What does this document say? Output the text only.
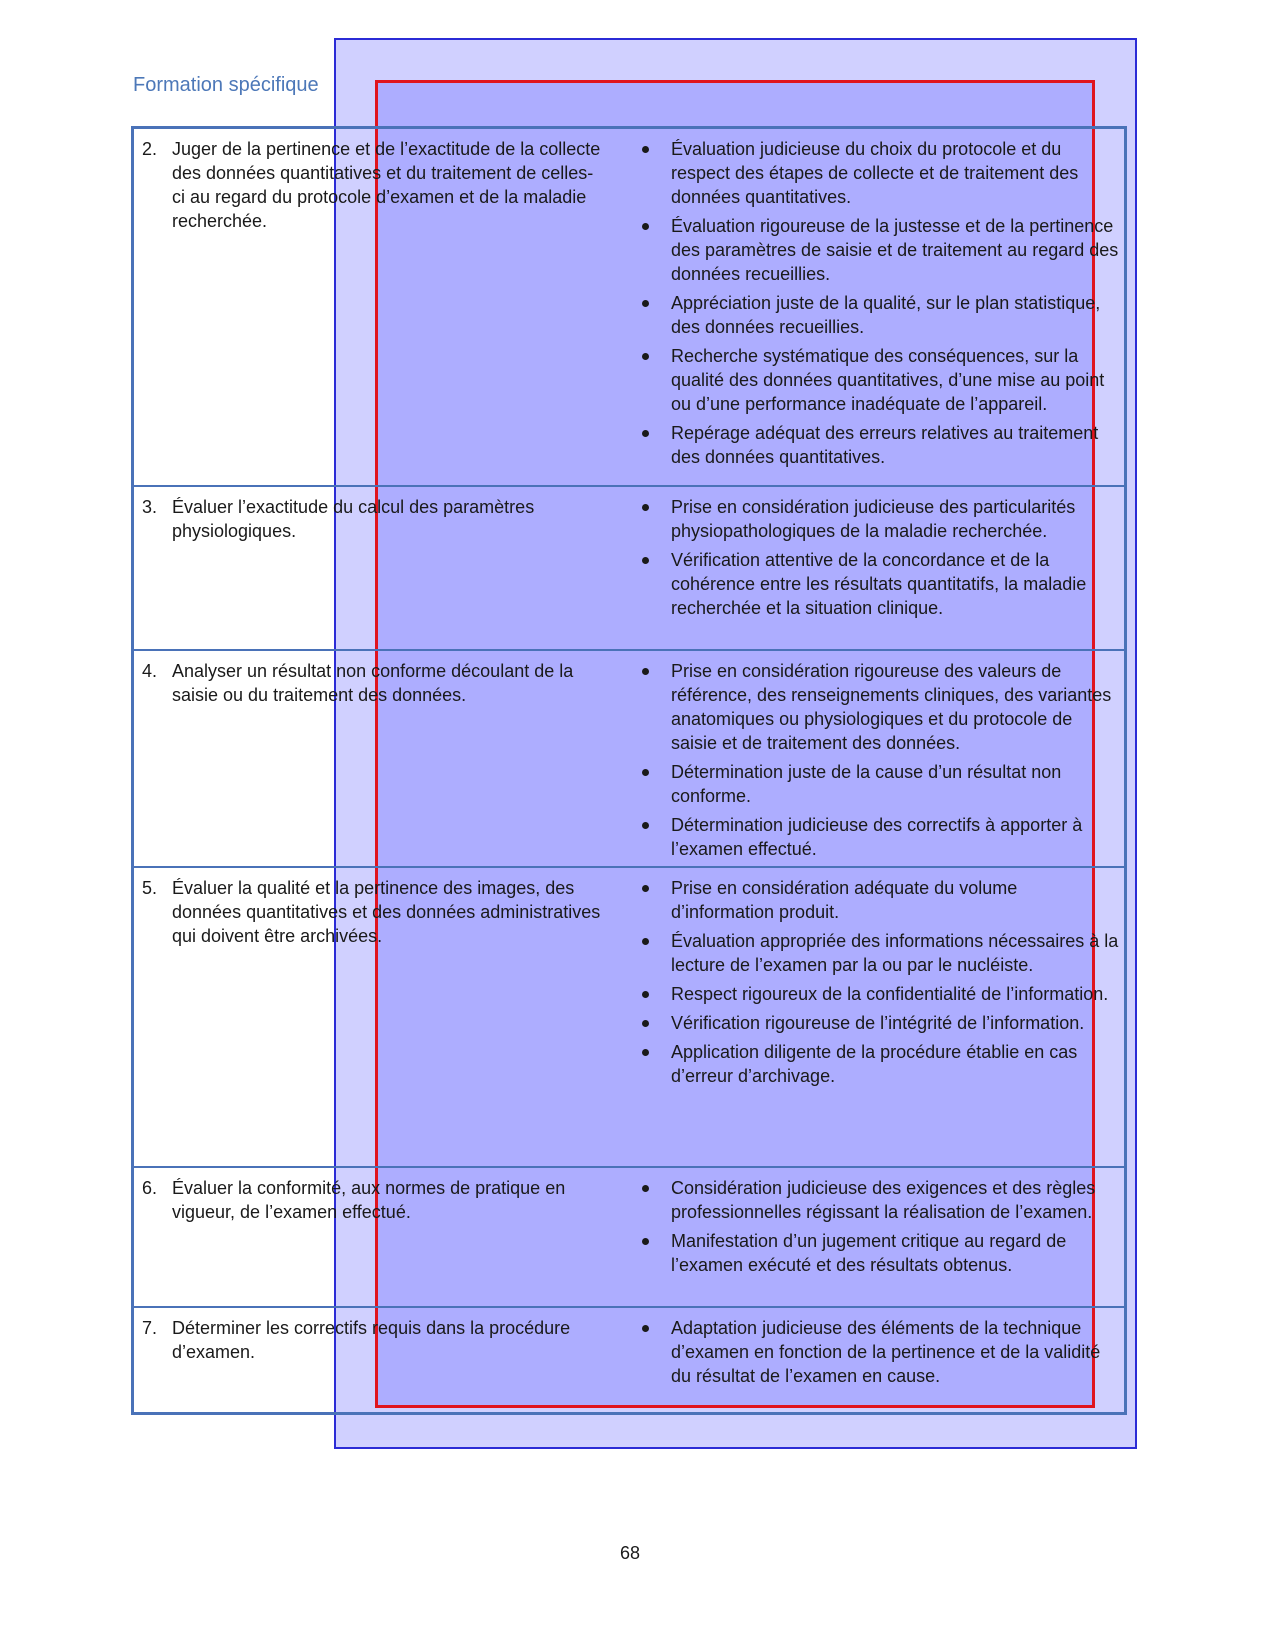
Formation spécifique
2. Juger de la pertinence et de l’exactitude de la collecte des données quantitatives et du traitement de celles-ci au regard du protocole d’examen et de la maladie recherchée.
Évaluation judicieuse du choix du protocole et du respect des étapes de collecte et de traitement des données quantitatives.
Évaluation rigoureuse de la justesse et de la pertinence des paramètres de saisie et de traitement au regard des données recueillies.
Appréciation juste de la qualité, sur le plan statistique, des données recueillies.
Recherche systématique des conséquences, sur la qualité des données quantitatives, d’une mise au point ou d’une performance inadéquate de l’appareil.
Repérage adéquat des erreurs relatives au traitement des données quantitatives.
3. Évaluer l’exactitude du calcul des paramètres physiologiques.
Prise en considération judicieuse des particularités physiopathologiques de la maladie recherchée.
Vérification attentive de la concordance et de la cohérence entre les résultats quantitatifs, la maladie recherchée et la situation clinique.
4. Analyser un résultat non conforme découlant de la saisie ou du traitement des données.
Prise en considération rigoureuse des valeurs de référence, des renseignements cliniques, des variantes anatomiques ou physiologiques et du protocole de saisie et de traitement des données.
Détermination juste de la cause d’un résultat non conforme.
Détermination judicieuse des correctifs à apporter à l’examen effectué.
5. Évaluer la qualité et la pertinence des images, des données quantitatives et des données administratives qui doivent être archivées.
Prise en considération adéquate du volume d’information produit.
Évaluation appropriée des informations nécessaires à la lecture de l’examen par la ou par le nucléiste.
Respect rigoureux de la confidentialité de l’information.
Vérification rigoureuse de l’intégrité de l’information.
Application diligente de la procédure établie en cas d’erreur d’archivage.
6. Évaluer la conformité, aux normes de pratique en vigueur, de l’examen effectué.
Considération judicieuse des exigences et des règles professionnelles régissant la réalisation de l’examen.
Manifestation d’un jugement critique au regard de l’examen exécuté et des résultats obtenus.
7. Déterminer les correctifs requis dans la procédure d’examen.
Adaptation judicieuse des éléments de la technique d’examen en fonction de la pertinence et de la validité du résultat de l’examen en cause.
68
